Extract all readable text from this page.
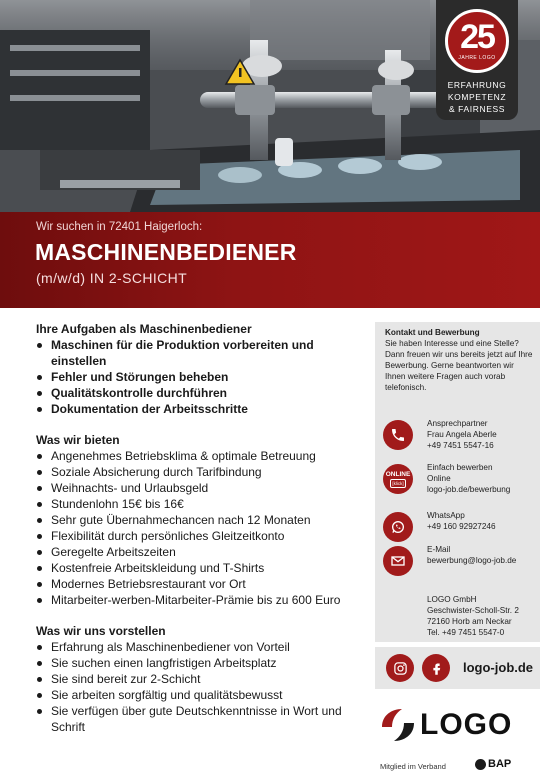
25
JAHRE LOGO
ERFAHRUNG
KOMPETENZ
& FAIRNESS
Wir suchen in 72401 Haigerloch:
MASCHINENBEDIENER
(m/w/d) IN 2-SCHICHT
Ihre Aufgaben als Maschinenbediener
Maschinen für die Produktion vorbereiten und einstellen
Fehler und Störungen beheben
Qualitätskontrolle durchführen
Dokumentation der Arbeitsschritte
Was wir bieten
Angenehmes Betriebsklima & optimale Betreuung
Soziale Absicherung durch Tarifbindung
Weihnachts- und Urlaubsgeld
Stundenlohn 15€ bis 16€
Sehr gute Übernahmechancen nach 12 Monaten
Flexibilität durch persönliches Gleitzeitkonto
Geregelte Arbeitszeiten
Kostenfreie Arbeitskleidung und T-Shirts
Modernes Betriebsrestaurant vor Ort
Mitarbeiter-werben-Mitarbeiter-Prämie bis zu 600 Euro
Was wir uns vorstellen
Erfahrung als Maschinenbediener von Vorteil
Sie suchen einen langfristigen Arbeitsplatz
Sie sind bereit zur 2-Schicht
Sie arbeiten sorgfältig und qualitätsbewusst
Sie verfügen über gute Deutschkenntnisse in Wort und Schrift
Kontakt und Bewerbung
Sie haben Interesse und eine Stelle? Dann freuen wir uns bereits jetzt auf Ihre Bewerbung. Gerne beantworten wir Ihnen weitere Fragen auch vorab telefonisch.
Ansprechpartner
Frau Angela Aberle
+49 7451 5547-16
ONLINE
[klick]
Einfach bewerben
Online
logo-job.de/bewerbung
WhatsApp
+49 160 92927246
E-Mail
bewerbung@logo-job.de
LOGO GmbH
Geschwister-Scholl-Str. 2
72160 Horb am Neckar
Tel. +49 7451 5547-0
logo-job.de
LOGO
Mitglied im Verband	BAP
